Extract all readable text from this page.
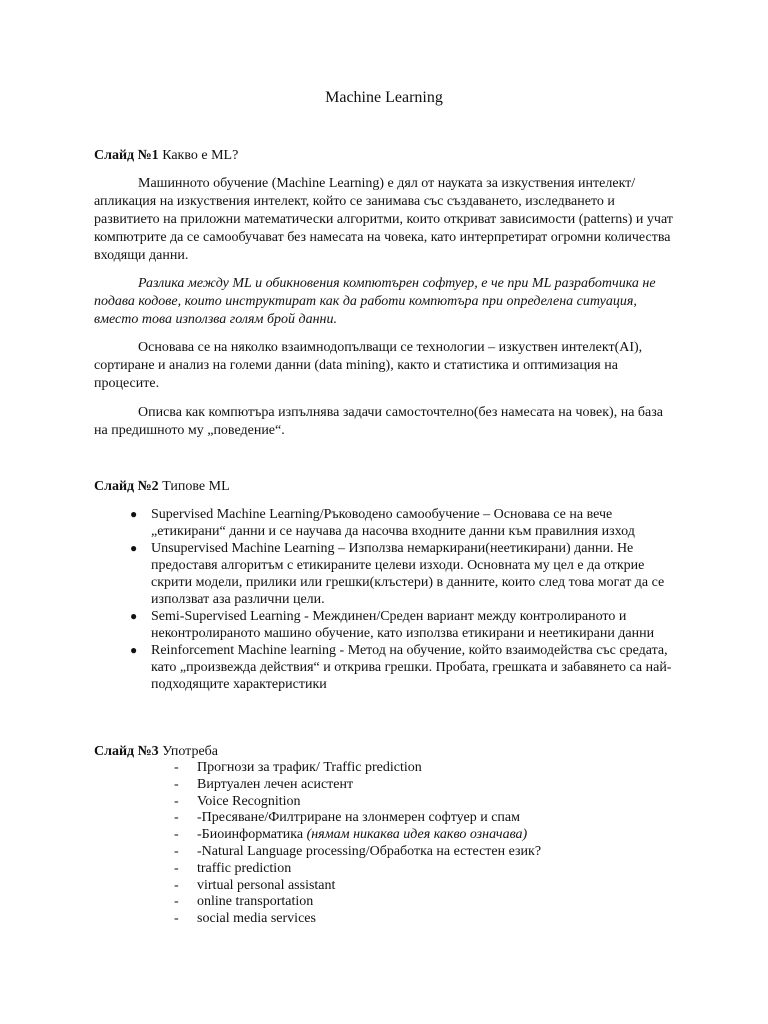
Machine Learning
Слайд №1 Какво е ML?
Машинното обучение (Machine Learning) е дял от науката за изкуствения интелект/апликация на изкуствения интелект, който се занимава със създаването, изследването и развитието на приложни математически алгоритми, които откриват зависимости (patterns) и учат компютрите да се самообучават без намесата на човека, като интерпретират огромни количества входящи данни.
Разлика между ML и обикновения компютърен софтуер, е че при ML разработчика не подава кодове, които инструктират как да работи компютъра при определена ситуация, вместо това използва голям брой данни.
Основава се на няколко взаимнодопълващи се технологии – изкуствен интелект(AI), сортиране и анализ на големи данни (data mining), както и статистика и оптимизация на процесите.
Описва как компютъра изпълнява задачи самосточтелно(без намесата на човек), на база на предишното му „поведение“.
Слайд №2 Типове ML
● Supervised Machine Learning/Ръководено самообучение – Основава се на вече „етикирани“ данни и се научава да насочва входните данни към правилния изход
● Unsupervised Machine Learning – Използва немаркирани(неетикирани) данни. Не предоставя алгоритъм с етикираните целеви изходи. Основната му цел е да открие скрити модели, прилики или грешки(клъстери) в данните, които след това могат да се използват аза различни цели.
● Semi-Supervised Learning - Междинен/Среден вариант между контролираното и неконтролираното машино обучение, като използва етикирани и неетикирани данни
● Reinforcement Machine learning - Метод на обучение, който взаимодейства със средата, като „произвежда действия“ и открива грешки. Пробата, грешката и забавянето са най-подходящите характеристики
Слайд №3 Употреба
- Прогнози за трафик/ Traffic prediction
- Виртуален лечен асистент
- Voice Recognition
- -Пресяване/Филтриране на злонмерен софтуер и спам
- -Биоинформатика (нямам никаква идея какво означава)
- -Natural Language processing/Обработка на естестен език?
- traffic prediction
- virtual personal assistant
- online transportation
- social media services
